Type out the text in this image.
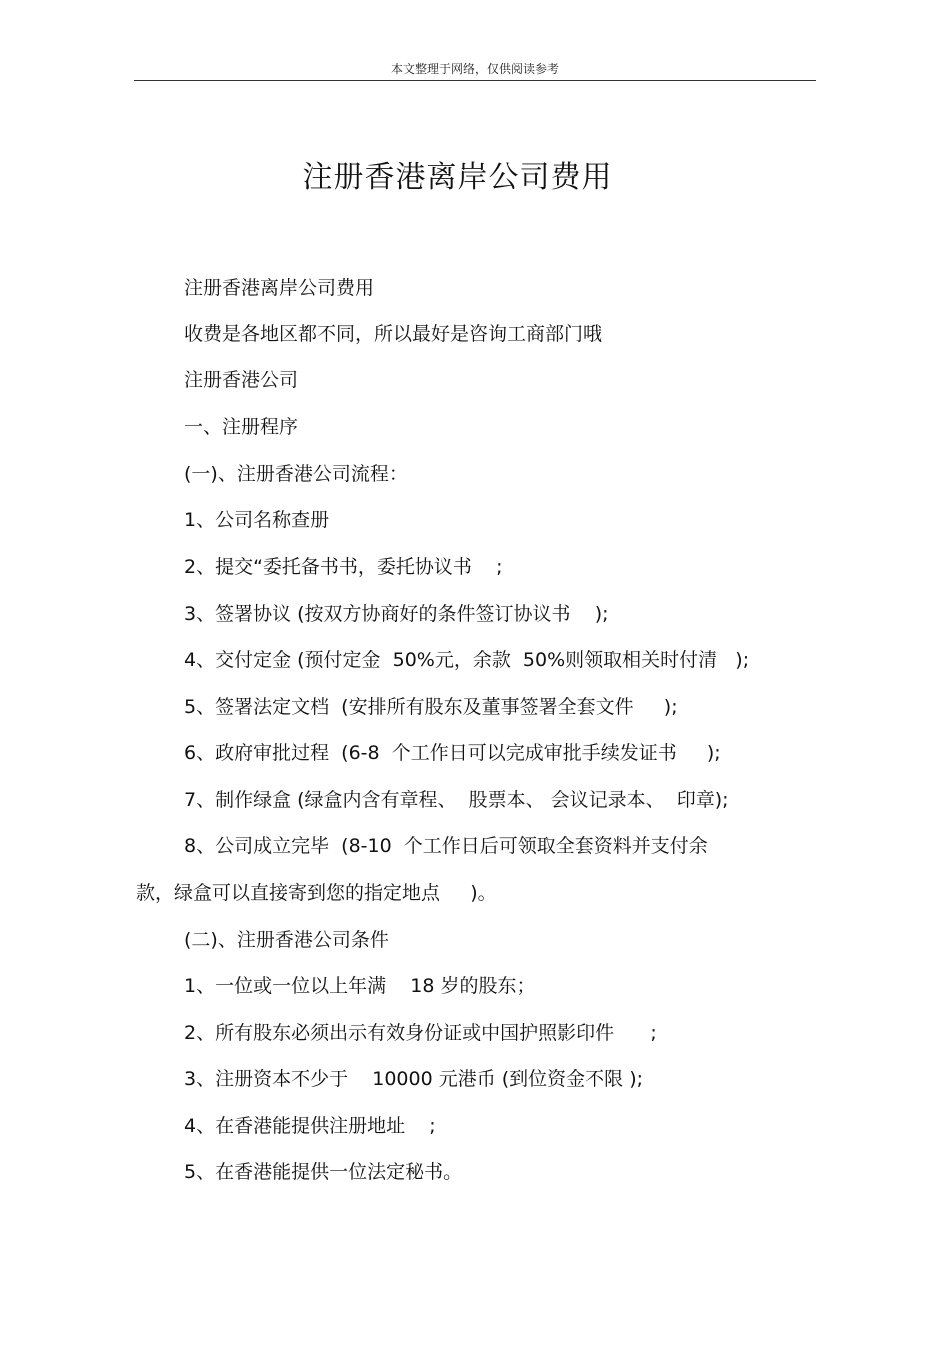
本文整理于网络，仅供阅读参考
注册香港离岸公司费用
注册香港离岸公司费用
收费是各地区都不同，所以最好是咨询工商部门哦
注册香港公司
一、注册程序
(一)、注册香港公司流程：
1、公司名称查册
2、提交“委托备书书，委托协议书    ;
3、签署协议 (按双方协商好的条件签订协议书    );
4、交付定金 (预付定金  50%元，余款  50%则领取相关时付清   );
5、签署法定文档  (安排所有股东及董事签署全套文件     );
6、政府审批过程  (6-8  个工作日可以完成审批手续发证书     );
7、制作绿盒 (绿盒内含有章程、  股票本、 会议记录本、  印章);
8、公司成立完毕  (8-10  个工作日后可领取全套资料并支付余
款，绿盒可以直接寄到您的指定地点     )。
(二)、注册香港公司条件
1、一位或一位以上年满    18 岁的股东；
2、所有股东必须出示有效身份证或中国护照影印件      ;
3、注册资本不少于    10000 元港币 (到位资金不限 );
4、在香港能提供注册地址    ;
5、在香港能提供一位法定秘书。
